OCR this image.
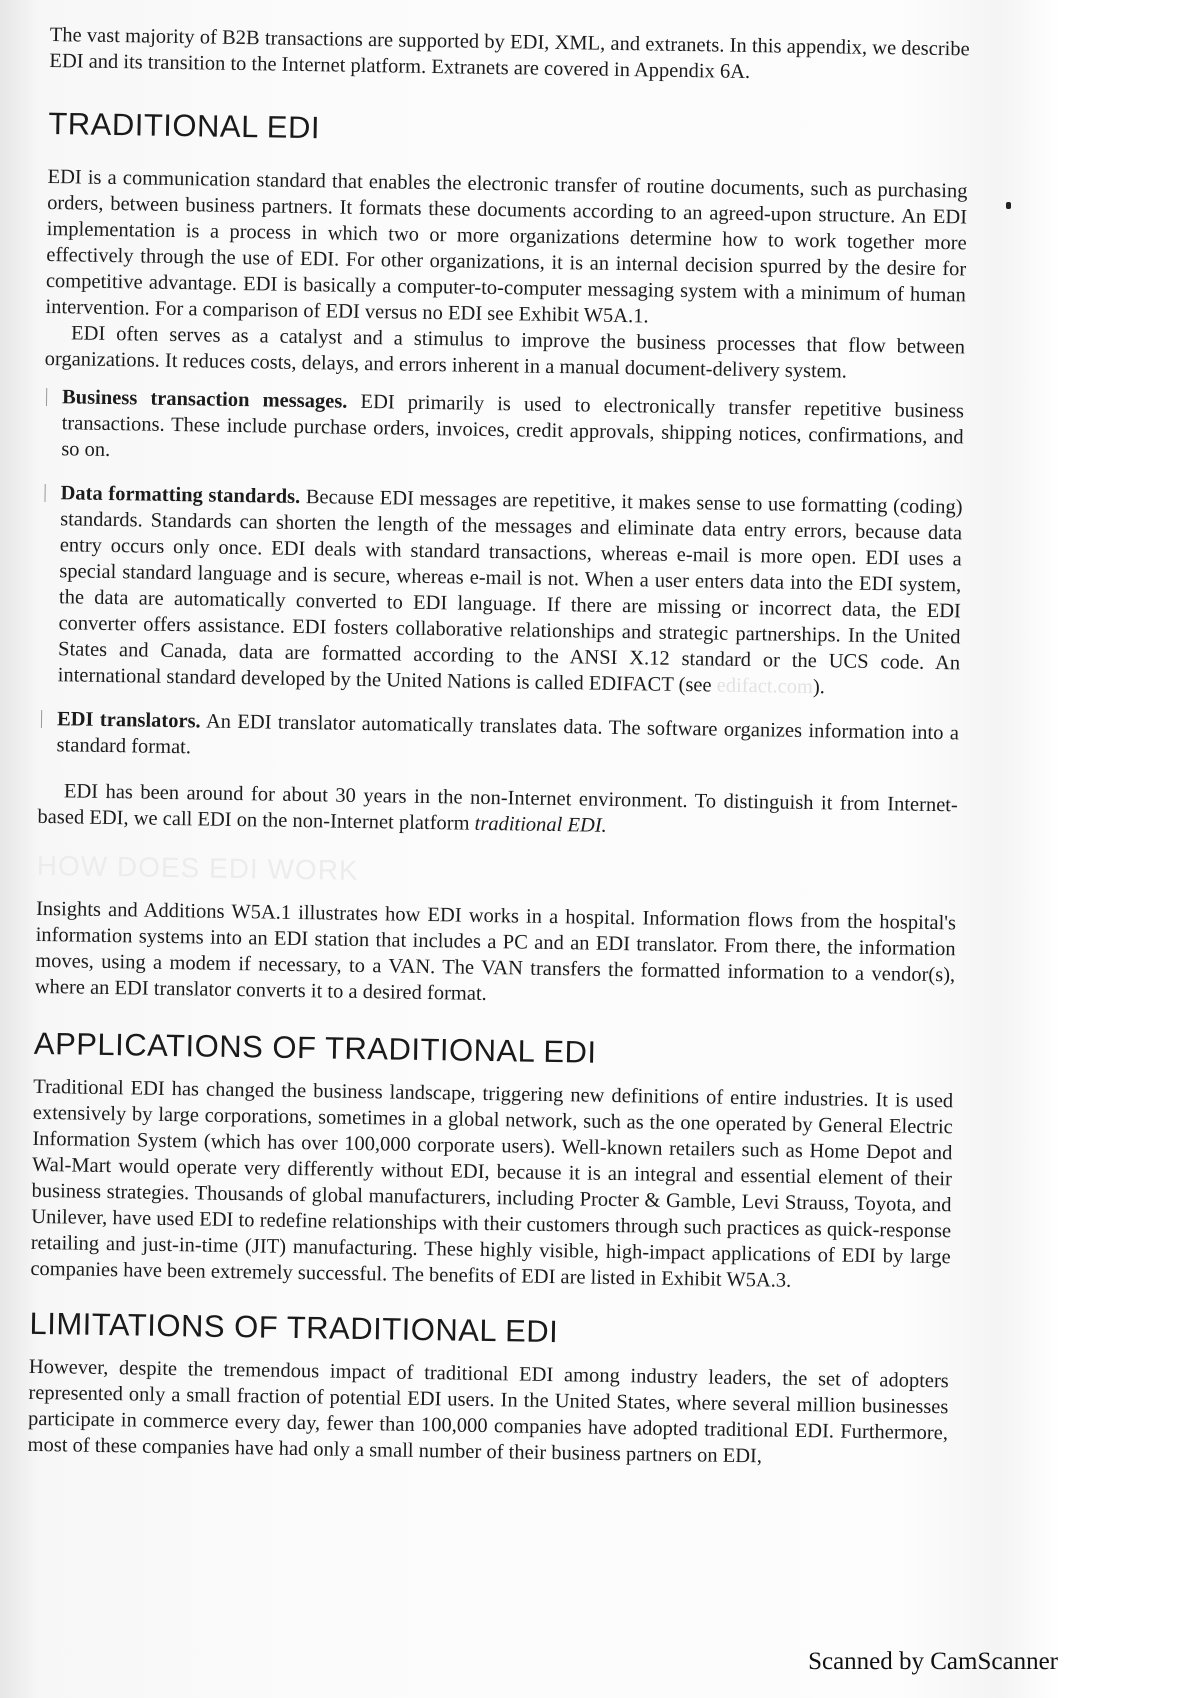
The vast majority of B2B transactions are supported by EDI, XML, and extranets. In this appendix, we describe EDI and its transition to the Internet platform. Extranets are covered in Appendix 6A.

TRADITIONAL EDI

EDI is a communication standard that enables the electronic transfer of routine documents, such as purchasing orders, between business partners. It formats these documents according to an agreed-upon structure. An EDI implementation is a process in which two or more organizations determine how to work together more effectively through the use of EDI. For other organizations, it is an internal decision spurred by the desire for competitive advantage. EDI is basically a computer-to-computer messaging system with a minimum of human intervention. For a comparison of EDI versus no EDI see Exhibit W5A.1.

EDI often serves as a catalyst and a stimulus to improve the business processes that flow between organizations. It reduces costs, delays, and errors inherent in a manual document-delivery system.

Business transaction messages. EDI primarily is used to electronically transfer repetitive business transactions. These include purchase orders, invoices, credit approvals, shipping notices, confirmations, and so on.

Data formatting standards. Because EDI messages are repetitive, it makes sense to use formatting (coding) standards. Standards can shorten the length of the messages and eliminate data entry errors, because data entry occurs only once. EDI deals with standard transactions, whereas e-mail is more open. EDI uses a special standard language and is secure, whereas e-mail is not. When a user enters data into the EDI system, the data are automatically converted to EDI language. If there are missing or incorrect data, the EDI converter offers assistance. EDI fosters collaborative relationships and strategic partnerships. In the United States and Canada, data are formatted according to the ANSI X.12 standard or the UCS code. An international standard developed by the United Nations is called EDIFACT (see edifact.com).

EDI translators. An EDI translator automatically translates data. The software organizes information into a standard format.

EDI has been around for about 30 years in the non-Internet environment. To distinguish it from Internet-based EDI, we call EDI on the non-Internet platform traditional EDI.

HOW DOES EDI WORK

Insights and Additions W5A.1 illustrates how EDI works in a hospital. Information flows from the hospital's information systems into an EDI station that includes a PC and an EDI translator. From there, the information moves, using a modem if necessary, to a VAN. The VAN transfers the formatted information to a vendor(s), where an EDI translator converts it to a desired format.

APPLICATIONS OF TRADITIONAL EDI

Traditional EDI has changed the business landscape, triggering new definitions of entire industries. It is used extensively by large corporations, sometimes in a global network, such as the one operated by General Electric Information System (which has over 100,000 corporate users). Well-known retailers such as Home Depot and Wal-Mart would operate very differently without EDI, because it is an integral and essential element of their business strategies. Thousands of global manufacturers, including Procter & Gamble, Levi Strauss, Toyota, and Unilever, have used EDI to redefine relationships with their customers through such practices as quick-response retailing and just-in-time (JIT) manufacturing. These highly visible, high-impact applications of EDI by large companies have been extremely successful. The benefits of EDI are listed in Exhibit W5A.3.

LIMITATIONS OF TRADITIONAL EDI

However, despite the tremendous impact of traditional EDI among industry leaders, the set of adopters represented only a small fraction of potential EDI users. In the United States, where several million businesses participate in commerce every day, fewer than 100,000 companies have adopted traditional EDI. Furthermore, most of these companies have had only a small number of their business partners on EDI,

Scanned by CamScanner
